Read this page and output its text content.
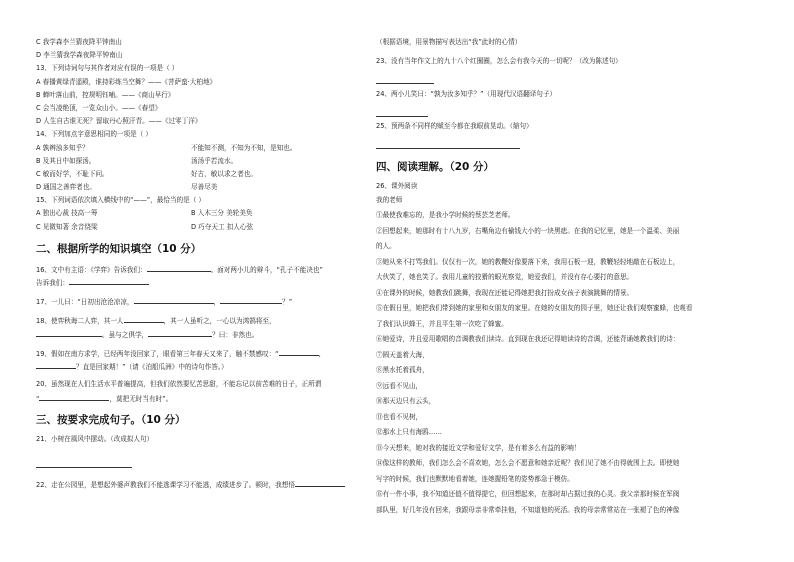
C 我学森李兰猜夜降平钟南山
D 李兰猜我学森夜降平钟南山
13、下列诗词句与其作者对应有误的一项是（ ）
A 春播黄绿青遥殿，谁持彩练当空舞？——《菩萨蛮·大柏地》
B 蝉叶落山前，控规明钰哺。——《商山早行》
C 会当凌绝顶，一览众山小。——《春望》
D 人生自古谁无死？留取丹心照汗青。——《过零丁洋》
14、下列加点字意思相同的一项是（ ）
A 孰辨浊多知乎？	不能知不测，不知为不知，是知也。
B 及其日中如探汤。	汤汤乎若流水。
C 敏而好学，不耻下问。	好古，敏以求之者也。
D 通国之善弈者也。	尽善尽美
15、下列词语依次填入横线中的“——”，最恰当的是（ ）
A 独出心裁 技高一筹	B 入木三分 美轮美奂
C 见微知著 余音绕梁	D 巧夺天工 扣人心弦
二、根据所学的知识填空（10 分）
16、文中有主语：《学弈》告诉我们：	。面对两小儿的辩斗，“孔子不能决也”
告诉我们：
17、一儿曰：“日初出沧沧凉凉，	，	？”
18、使弈秋诲二人弈，其一人	，其一人虽听之，一心以为鸿鹄将至，
。虽与之俱学，	？曰：非然也。
19、假如在南方求学，已经两年没回家了，眼看第三年春天又来了，触不禁感叹：“	，
？直是回家期！”（请《泊船瓜洲》中的诗句作答。）
20、虽然现在人们生活水平普遍提高，但我们依然要忆苦思甜，不能忘记以前苦难的日子，正所谓
“	，莫把无时当有时”。
三、按要求完成句子。（10 分）
21、小树在風风中摆动。（改成拟人句）
22、走在公园里，是想起外婆声教我们不能逃课学习不能逃，成绩进步了。顿时，我想悟
（根据语境，用景物描写表达出“我”此时的心情）
23、没有当年作文上的九十八个红圈圈，怎么会有我今天的一切呢？（改为陈述句）
24、两小儿笑曰：“孰为汝多知乎？”（用现代汉语翻译句子）
25、预两条不同样的赋至今都在我眼前晃动。（缩句）
四、阅读理解。（20 分）
26、课外阅读
我的老师
①最使我难忘的，是我小学时候的蔡芸芝老师。
②回想起来，她那时有十八九岁，右嘴角边有榆钱大小的一块黑痣。在我的记忆里，她是一个温柔、美丽
的人。
③她从来不打骂我们。仅仅有一次，她的教鞭好像要落下来，我用石板一迎，教鞭轻轻地敲在石板边上，
大伙笑了，她也笑了。我用儿童的狡猾的眼光察觉，她爱我们，并没有存心要打的意思。
④在课外的时候，她教我们跳舞，我现在还能记得她把我打扮成女孩子表演跳舞的情景。
⑤在假日里，她把我们带到她的家里和女朋友的家里。在她的女朋友的园子里，她还让我们观察蜜蜂，也观看
了我们认识蜂王，并且平生第一次吃了蜂蜜。
⑥她爱诗，并且爱用歌唱的音调教我们读诗。直到现在我还记得她读诗的音调，还能背诵她教我们的诗：
⑦圆天盖着大海，
⑧黑水托着孤舟，
⑨远看不见山，
⑩那天边只有云头，
⑪也看不见树，
⑫那水上只有海鸥……
⑬今天想来，她对我的接近文学和爱好文学，是有着多么有益的影响！
⑭像这样的教师，我们怎么会不喜欢她，怎么会不愿意和她亲近呢？我们见了她不由得就围上去。即使她
写字的时候，我们也默默地看着她，连她握铅笔的姿势都急于模仿。
⑮有一件小事，我不知道还值不值得提它，但回想起来，在那时却占据过我的心灵。我父亲那时候在军阀
部队里，好几年没有回来，我跟母亲非常牵挂他，不知道他的死活。我的母亲常常站在一张褪了色的神像
